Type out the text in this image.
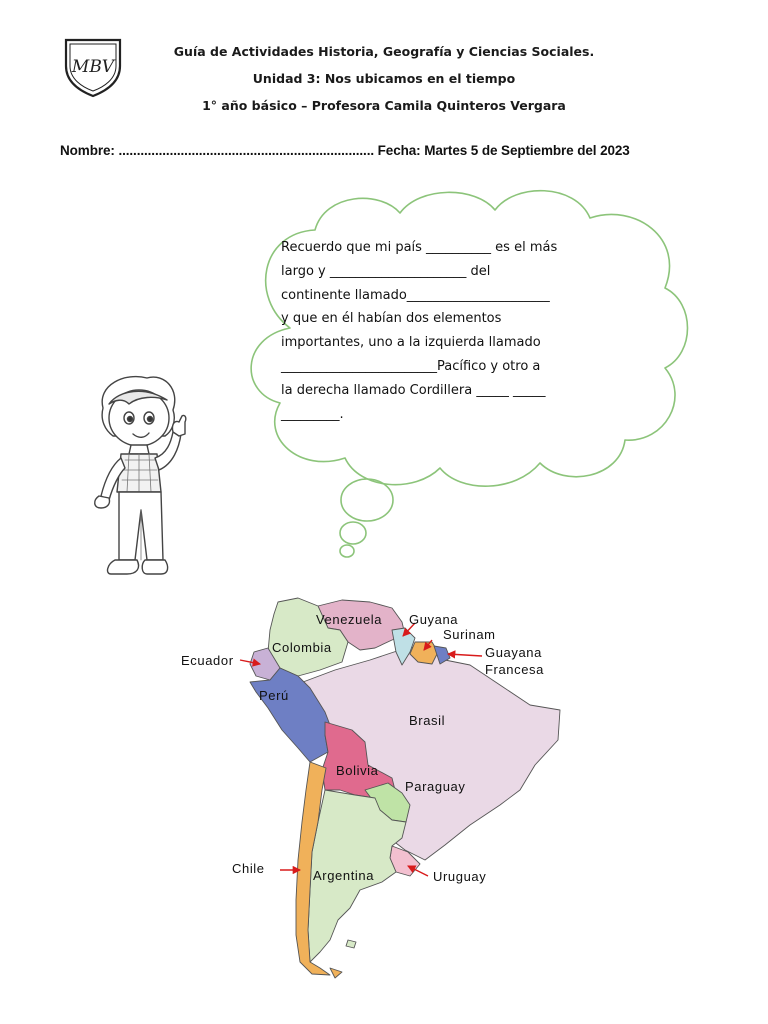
MBV
Guía de Actividades Historia, Geografía y Ciencias Sociales.
Unidad 3: Nos ubicamos en el tiempo
1° año básico – Profesora Camila Quinteros Vergara
Nombre: ...................................................................... Fecha: Martes 5 de Septiembre del 2023
Recuerdo que mi país __________ es el más
largo y _____________________ del
continente llamado______________________
y que en él habían dos elementos
importantes, uno a la izquierda llamado
________________________Pacífico y otro a
la derecha llamado Cordillera _____ _____
_________.
Venezuela Guyana
Surinam
Guayana
Francesa
Ecuador
Colombia
Perú
Brasil
Bolivia
Paraguay
Chile	Argentina	Uruguay
